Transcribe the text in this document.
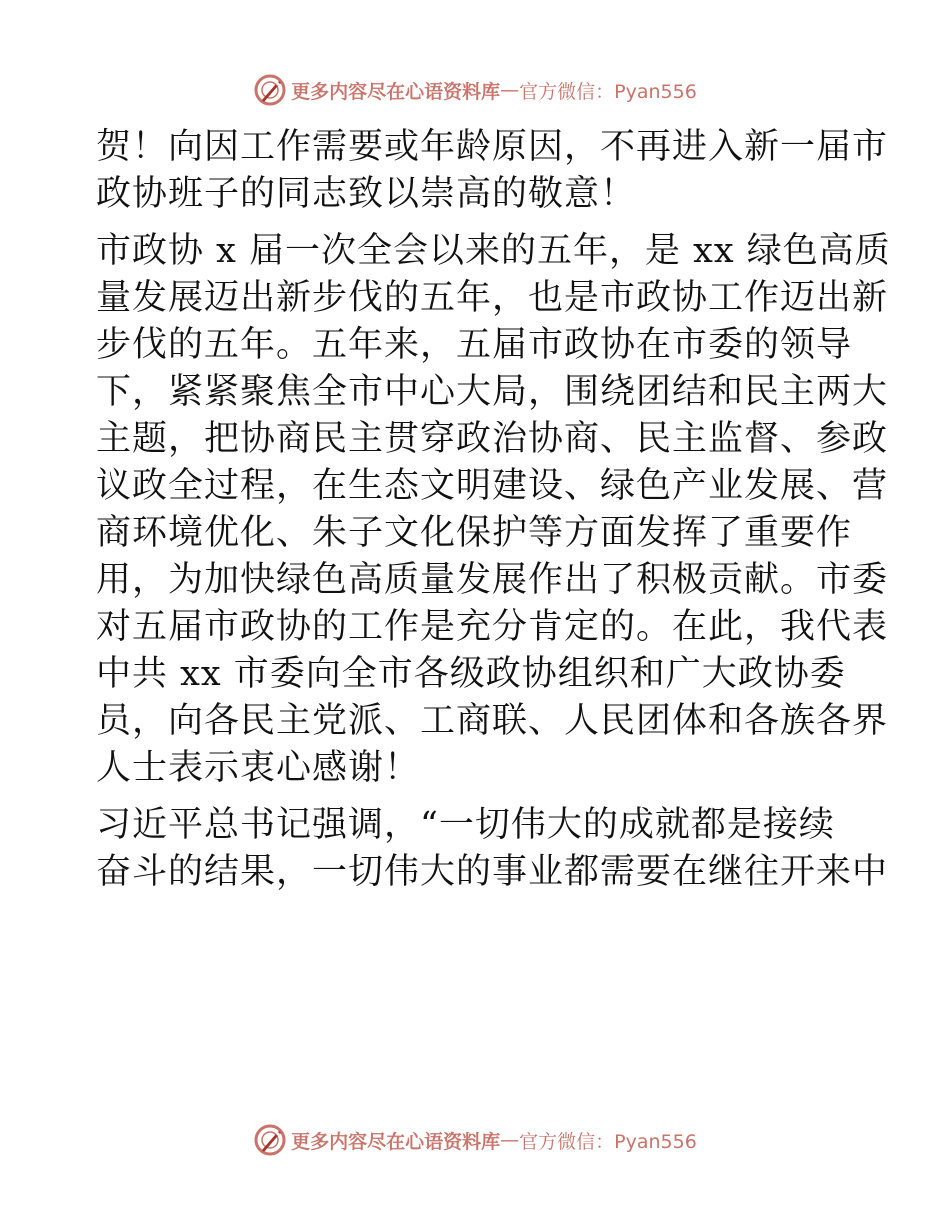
更多内容尽在心语资料库 — 官方微信：Pyan556

贺！向因工作需要或年龄原因，不再进入新一届市
政协班子的同志致以崇高的敬意！

市政协 x 届一次全会以来的五年，是 xx 绿色高质
量发展迈出新步伐的五年，也是市政协工作迈出新
步伐的五年。五年来，五届市政协在市委的领导
下，紧紧聚焦全市中心大局，围绕团结和民主两大
主题，把协商民主贯穿政治协商、民主监督、参政
议政全过程，在生态文明建设、绿色产业发展、营
商环境优化、朱子文化保护等方面发挥了重要作
用，为加快绿色高质量发展作出了积极贡献。市委
对五届市政协的工作是充分肯定的。在此，我代表
中共 xx 市委向全市各级政协组织和广大政协委
员，向各民主党派、工商联、人民团体和各族各界
人士表示衷心感谢！

习近平总书记强调，“一切伟大的成就都是接续
奋斗的结果，一切伟大的事业都需要在继往开来中

更多内容尽在心语资料库 — 官方微信：Pyan556
